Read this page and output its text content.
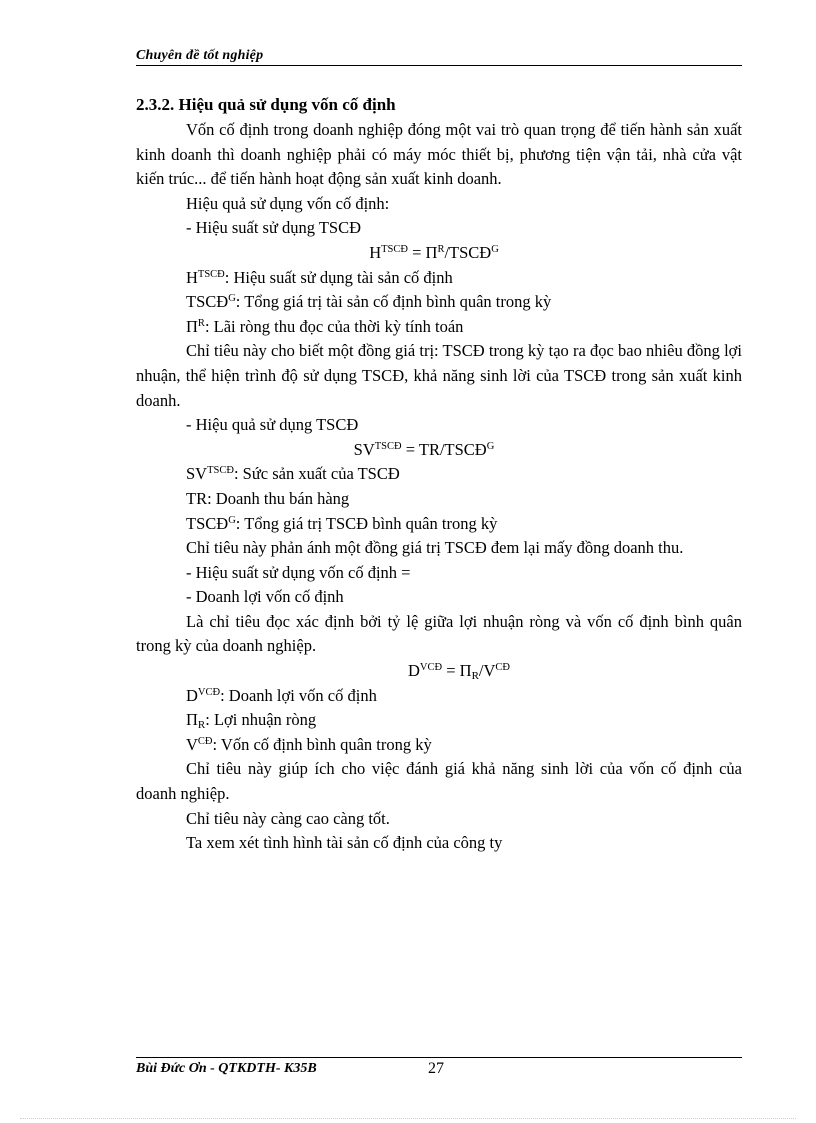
Chuyên đề tốt nghiệp

2.3.2. Hiệu quả sử dụng vốn cố định

Vốn cố định trong doanh nghiệp đóng một vai trò quan trọng để tiến hành sản xuất kinh doanh thì doanh nghiệp phải có máy móc thiết bị, phương tiện vận tải, nhà cửa vật kiến trúc... để tiến hành hoạt động sản xuất kinh doanh.

Hiệu quả sử dụng vốn cố định:

- Hiệu suất sử dụng TSCĐ

$H^{TSCĐ}$ = $\Pi^R/TSCĐ^G$

$H^{TSCĐ}$: Hiệu suất sử dụng tài sản cố định

$TSCĐ^G$: Tổng giá trị tài sản cố định bình quân trong kỳ

$\Pi^R$: Lãi ròng thu đọc của thời kỳ tính toán

Chỉ tiêu này cho biết một đồng giá trị: TSCĐ trong kỳ tạo ra đọc bao nhiêu đồng lợi nhuận, thể hiện trình độ sử dụng TSCĐ, khả năng sinh lời của TSCĐ trong sản xuất kinh doanh.

- Hiệu quả sử dụng TSCĐ

$SV^{TSCĐ}$ = $TR/TSCĐ^G$

$SV^{TSCĐ}$: Sức sản xuất của TSCĐ

TR: Doanh thu bán hàng

$TSCĐ^G$: Tổng giá trị TSCĐ bình quân trong kỳ

Chỉ tiêu này phản ánh một đồng giá trị TSCĐ đem lại mấy đồng doanh thu.

- Hiệu suất sử dụng vốn cố định =

- Doanh lợi vốn cố định

Là chỉ tiêu đọc xác định bởi tỷ lệ giữa lợi nhuận ròng và vốn cố định bình quân trong kỳ của doanh nghiệp.

$D^{VCĐ} = \Pi_R/V^{CĐ}$

$D^{VCĐ}$: Doanh lợi vốn cố định

$\Pi_R$: Lợi nhuận ròng

$V^{CĐ}$: Vốn cố định bình quân trong kỳ

Chỉ tiêu này giúp ích cho việc đánh giá khả năng sinh lời của vốn cố định của doanh nghiệp.

Chỉ tiêu này càng cao càng tốt.

Ta xem xét tình hình tài sản cố định của công ty

Bùi Đức Ơn - QTKDTH- K35B	27
